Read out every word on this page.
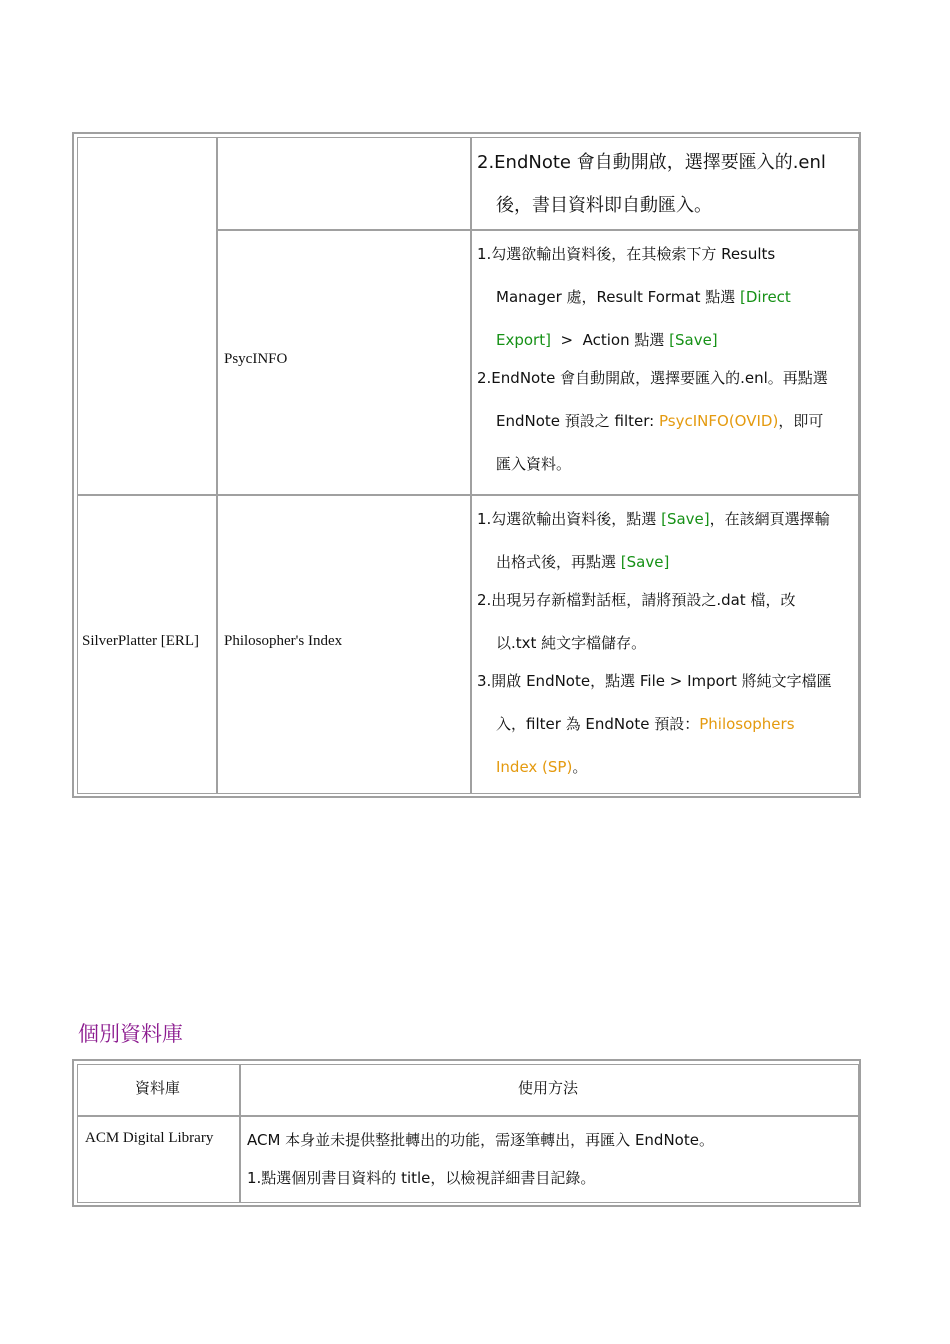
SilverPlatter [ERL]
PsycINFO
Philosopher's Index
2.EndNote 會自動開啟，選擇要匯入的.enl
後，書目資料即自動匯入。
1.勾選欲輸出資料後，在其檢索下方 Results
Manager 處，Result Format 點選 [Direct
Export]  >  Action 點選 [Save]
2.EndNote 會自動開啟，選擇要匯入的.enl。再點選
EndNote 預設之 filter: PsycINFO(OVID)，即可
匯入資料。
1.勾選欲輸出資料後，點選 [Save]，在該網頁選擇輸
出格式後，再點選 [Save]
2.出現另存新檔對話框，請將預設之.dat 檔，改
以.txt 純文字檔儲存。
3.開啟 EndNote，點選 File > Import 將純文字檔匯
入，filter 為 EndNote 預設：Philosophers
Index (SP)。
個別資料庫
資料庫	使用方法
ACM Digital Library ACM 本身並未提供整批轉出的功能，需逐筆轉出，再匯入 EndNote。
1.點選個別書目資料的 title，以檢視詳細書目記錄。
